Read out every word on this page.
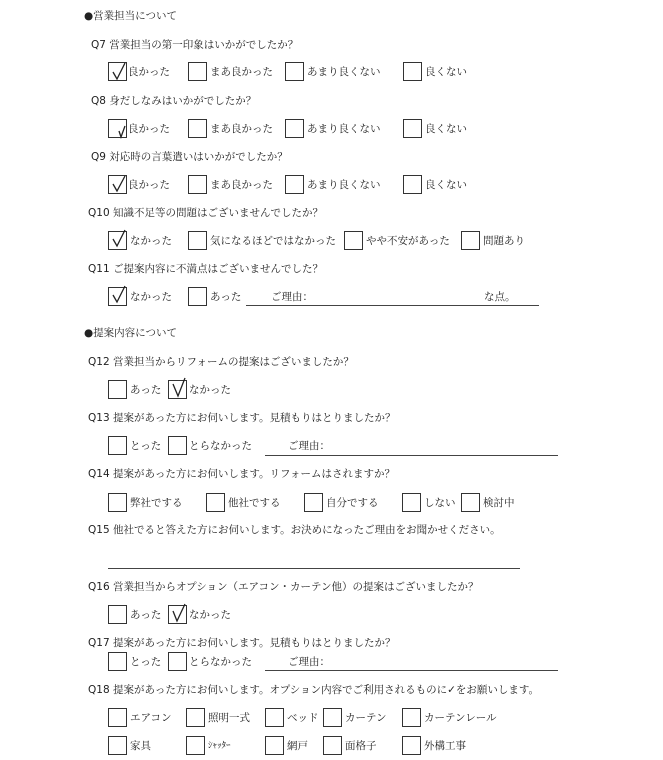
●営業担当について
Q7 営業担当の第一印象はいかがでしたか？
良かった	まあ良かった	あまり良くない	良くない
Q8 身だしなみはいかがでしたか？
良かった	まあ良かった	あまり良くない	良くない
Q9 対応時の言葉遣いはいかがでしたか？
良かった	まあ良かった	あまり良くない	良くない
Q10 知識不足等の問題はございませんでしたか？
なかった	気になるほどではなかった	やや不安があった	問題あり
Q11 ご提案内容に不満点はございませんでした？
なかった	あった	ご理由：	な点。
●提案内容について
Q12 営業担当からリフォームの提案はございましたか？
あった	なかった
Q13 提案があった方にお伺いします。見積もりはとりましたか？
とった	とらなかった	ご理由：
Q14 提案があった方にお伺いします。リフォームはされますか？
弊社でする	他社でする	自分でする	しない	検討中
Q15 他社でると答えた方にお伺いします。お決めになったご理由をお聞かせください。
Q16 営業担当からオプション（エアコン・カーテン他）の提案はございましたか？
あった	なかった
Q17 提案があった方にお伺いします。見積もりはとりましたか？
とった	とらなかった	ご理由：
Q18 提案があった方にお伺いします。オプション内容でご利用されるものに✓をお願いします。
エアコン	照明一式	ベッド	カーテン	カーテンレール
家具	ｼｬｯﾀｰ	網戸	面格子	外構工事
